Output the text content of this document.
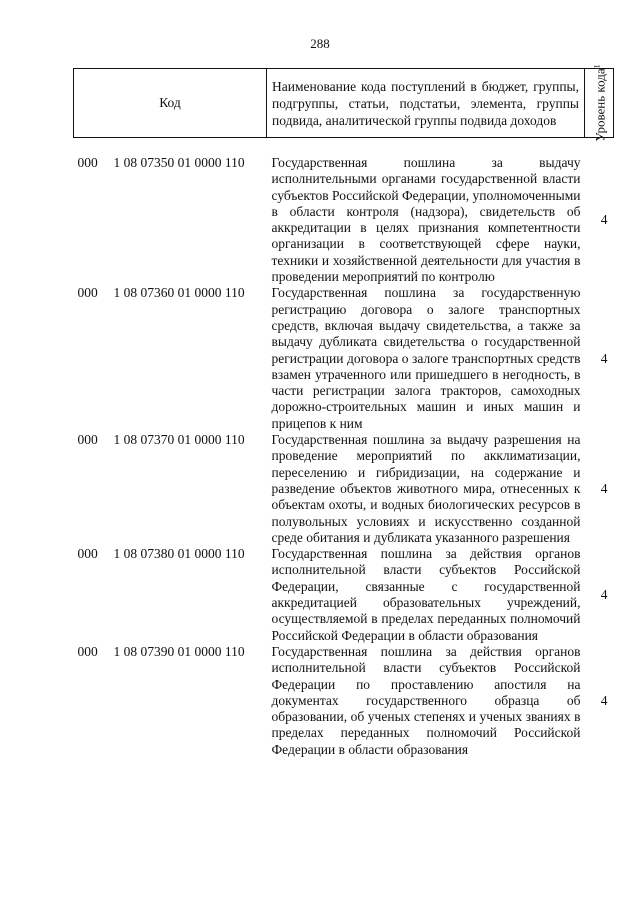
288
Код		Наименование кода поступлений в бюджет, группы, подгруппы, статьи, подстатьи, элемента, группы подвида, аналитической группы подвида доходов	Уровень кода$^1$

000	1 08 07350 01 0000 110	Государственная пошлина за выдачу исполнительными органами государственной власти субъектов Российской Федерации, уполномоченными в области контроля (надзора), свидетельств об аккредитации в целях признания компетентности организации в соответствующей сфере науки, техники и хозяйственной деятельности для участия в проведении мероприятий по контролю	4
000	1 08 07360 01 0000 110	Государственная пошлина за государственную регистрацию договора о залоге транспортных средств, включая выдачу свидетельства, а также за выдачу дубликата свидетельства о государственной регистрации договора о залоге транспортных средств взамен утраченного или пришедшего в негодность, в части регистрации залога тракторов, самоходных дорожно-строительных машин и иных машин и прицепов к ним	4
000	1 08 07370 01 0000 110	Государственная пошлина за выдачу разрешения на проведение мероприятий по акклиматизации, переселению и гибридизации, на содержание и разведение объектов животного мира, отнесенных к объектам охоты, и водных биологических ресурсов в полувольных условиях и искусственно созданной среде обитания и дубликата указанного разрешения	4
000	1 08 07380 01 0000 110	Государственная пошлина за действия органов исполнительной власти субъектов Российской Федерации, связанные с государственной аккредитацией образовательных учреждений, осуществляемой в пределах переданных полномочий Российской Федерации в области образования	4
000	1 08 07390 01 0000 110	Государственная пошлина за действия органов исполнительной власти субъектов Российской Федерации по проставлению апостиля на документах государственного образца об образовании, об ученых степенях и ученых званиях в пределах переданных полномочий Российской Федерации в области образования	4
